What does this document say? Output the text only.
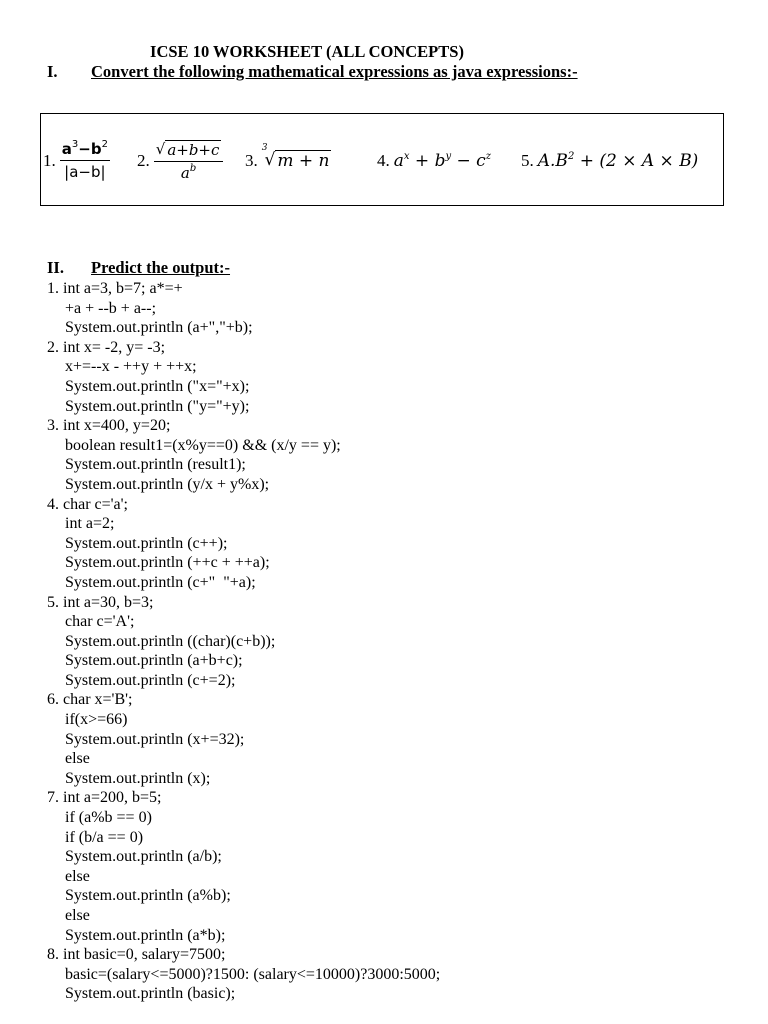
ICSE 10 WORKSHEET (ALL CONCEPTS)
I. Convert the following mathematical expressions as java expressions:-
1. $\frac{a^3-b^2}{|a-b|} 2$. $\frac{√ a+b+c}{a^b} 3$.
3
√ m + n	4. $a^x + b^y - c^z$ 5. $A.B^2 + (2 \times A \times B)$
II. Predict the output:-
1. int a=3, b=7; a*=+
+a + --b + a--;
System.out.println (a+","+b);
2. int x= -2, y= -3;
x+=--x - ++y + ++x;
System.out.println ("x="+x);
System.out.println ("y="+y);
3. int x=400, y=20;
boolean result1=(x%y==0) && (x/y == y);
System.out.println (result1);
System.out.println (y/x + y%x);
4. char c='a';
int a=2;
System.out.println (c++);
System.out.println (++c + ++a);
System.out.println (c+"  "+a);
5. int a=30, b=3;
char c='A';
System.out.println ((char)(c+b));
System.out.println (a+b+c);
System.out.println (c+=2);
6. char x='B';
if(x>=66)
System.out.println (x+=32);
else
System.out.println (x);
7. int a=200, b=5;
if (a%b == 0)
if (b/a == 0)
System.out.println (a/b);
else
System.out.println (a%b);
else
System.out.println (a*b);
8. int basic=0, salary=7500;
basic=(salary<=5000)?1500: (salary<=10000)?3000:5000;
System.out.println (basic);
